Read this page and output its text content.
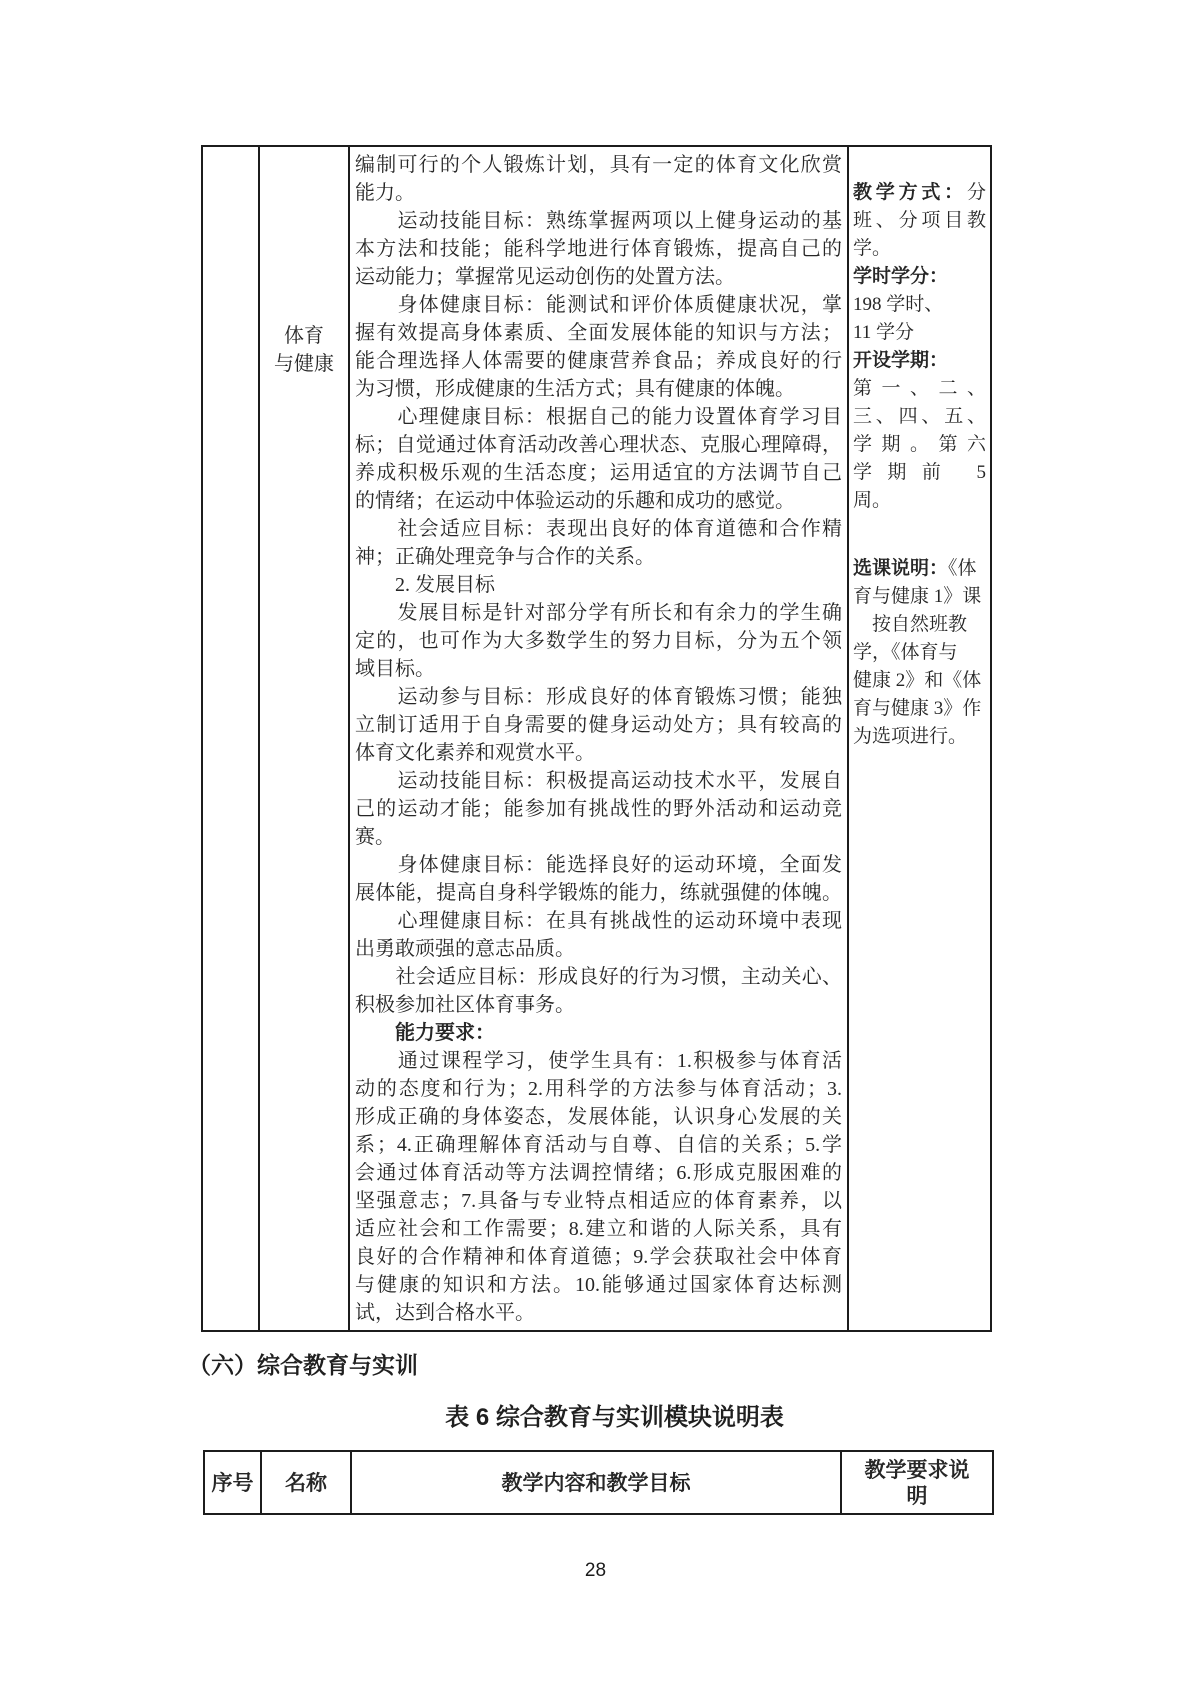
体育
与健康
编制可行的个人锻炼计划，具有一定的体育文化欣赏
能力。
　　运动技能目标：熟练掌握两项以上健身运动的基
本方法和技能；能科学地进行体育锻炼，提高自己的
运动能力；掌握常见运动创伤的处置方法。
　　身体健康目标：能测试和评价体质健康状况，掌
握有效提高身体素质、全面发展体能的知识与方法；
能合理选择人体需要的健康营养食品；养成良好的行
为习惯，形成健康的生活方式；具有健康的体魄。
　　心理健康目标：根据自己的能力设置体育学习目
标；自觉通过体育活动改善心理状态、克服心理障碍，
养成积极乐观的生活态度；运用适宜的方法调节自己
的情绪；在运动中体验运动的乐趣和成功的感觉。
　　社会适应目标：表现出良好的体育道德和合作精
神；正确处理竞争与合作的关系。
　　2. 发展目标
　　发展目标是针对部分学有所长和有余力的学生确
定的，也可作为大多数学生的努力目标，分为五个领
域目标。
　　运动参与目标：形成良好的体育锻炼习惯；能独
立制订适用于自身需要的健身运动处方；具有较高的
体育文化素养和观赏水平。
　　运动技能目标：积极提高运动技术水平，发展自
己的运动才能；能参加有挑战性的野外活动和运动竞
赛。
　　身体健康目标：能选择良好的运动环境，全面发
展体能，提高自身科学锻炼的能力，练就强健的体魄。
　　心理健康目标：在具有挑战性的运动环境中表现
出勇敢顽强的意志品质。
　　社会适应目标：形成良好的行为习惯，主动关心、
积极参加社区体育事务。
　　能力要求：
　　通过课程学习，使学生具有：1.积极参与体育活
动的态度和行为；2.用科学的方法参与体育活动；3.
形成正确的身体姿态，发展体能，认识身心发展的关
系；4.正确理解体育活动与自尊、自信的关系；5.学
会通过体育活动等方法调控情绪；6.形成克服困难的
坚强意志；7.具备与专业特点相适应的体育素养，以
适应社会和工作需要；8.建立和谐的人际关系，具有
良好的合作精神和体育道德；9.学会获取社会中体育
与健康的知识和方法。10.能够通过国家体育达标测
试，达到合格水平。
教学方式：分
班、分项目教
学。
学时学分：
198 学时、
11 学分
开设学期：
第一、二、
三、四、五、
学期。第六
学期前 5
周。
选课说明：《体
育与健康 1》课
　按自然班教
学，《体育与
健康 2》和《体
育与健康 3》作
为选项进行。
（六）综合教育与实训
表 6 综合教育与实训模块说明表
序号	名称	教学内容和教学目标
教学要求说明
28
